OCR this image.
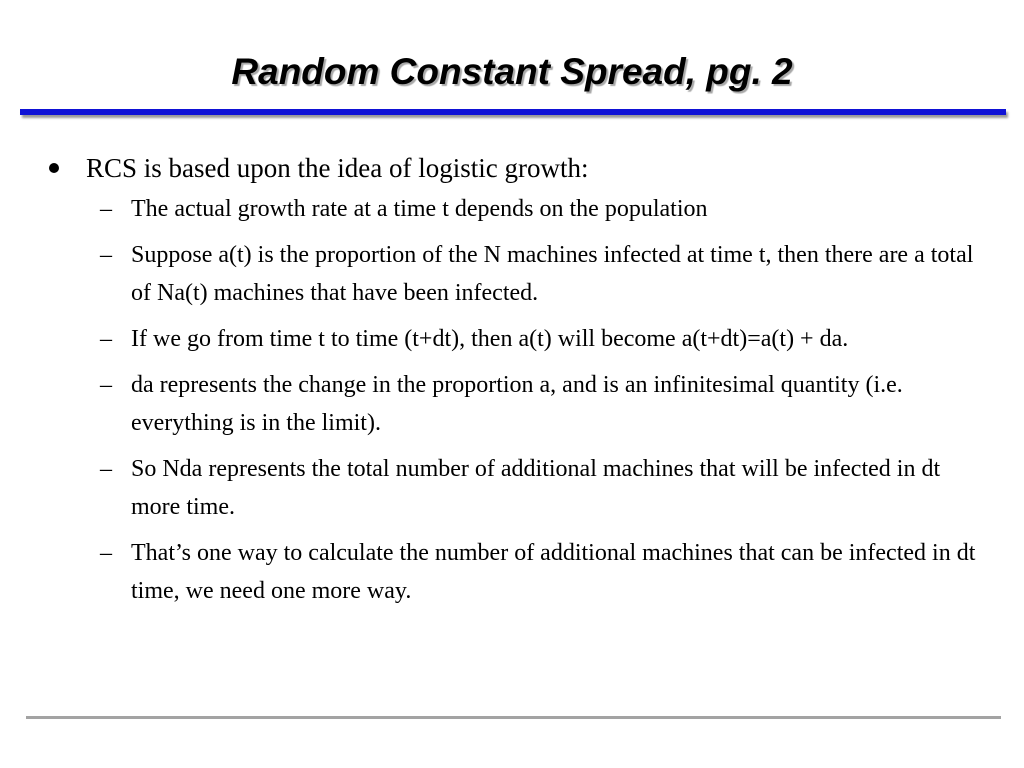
Random Constant Spread, pg. 2
RCS is based upon the idea of logistic growth:
– The actual growth rate at a time t depends on the population
– Suppose a(t) is the proportion of the N machines infected at time t, then there are a total of Na(t) machines that have been infected.
– If we go from time t to time (t+dt), then a(t) will become a(t+dt)=a(t) + da.
– da represents the change in the proportion a, and is an infinitesimal quantity (i.e. everything is in the limit).
– So Nda represents the total number of additional machines that will be infected in dt more time.
– That’s one way to calculate the number of additional machines that can be infected in dt time, we need one more way.
